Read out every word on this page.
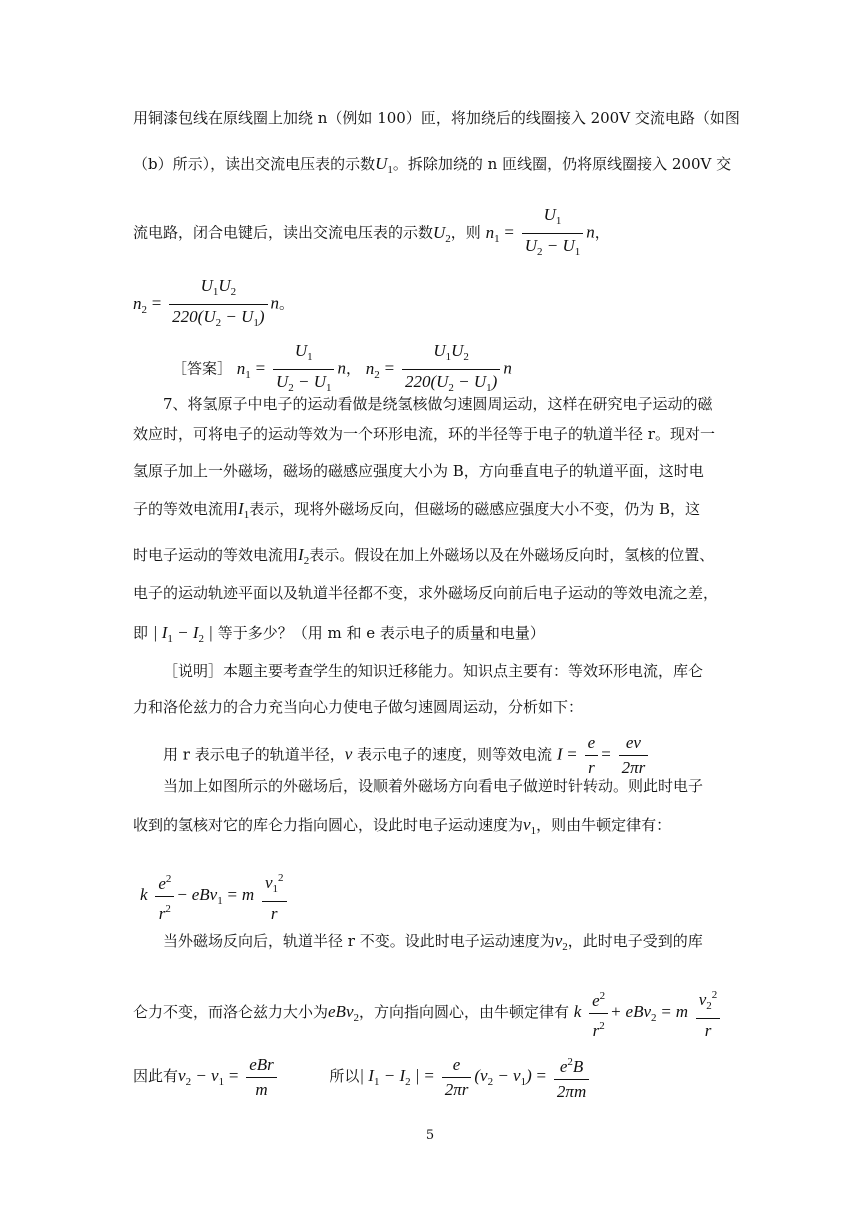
用铜漆包线在原线圈上加绕 n（例如 100）匝，将加绕后的线圈接入 200V 交流电路（如图
（b）所示），读出交流电压表的示数$U_1$。拆除加绕的 n 匝线圈，仍将原线圈接入 200V 交
流电路，闭合电键后，读出交流电压表的示数$U_2$，则 $n_1 = \frac{U_1}{U_2 - U_1}$ n，
$n_2 = \frac{U_1U_2}{220(U_2 - U_1)}$ n。
［答案］ $n_1 = \frac{U_1}{U_2 - U_1}$ n， $n_2 = \frac{U_1U_2}{220(U_2 - U_1)}$ n
7、将氢原子中电子的运动看做是绕氢核做匀速圆周运动，这样在研究电子运动的磁
效应时，可将电子的运动等效为一个环形电流，环的半径等于电子的轨道半径 r。现对一
氢原子加上一外磁场，磁场的磁感应强度大小为 B，方向垂直电子的轨道平面，这时电
子的等效电流用$I_1$表示，现将外磁场反向，但磁场的磁感应强度大小不变，仍为 B，这
时电子运动的等效电流用$I_2$表示。假设在加上外磁场以及在外磁场反向时，氢核的位置、
电子的运动轨迹平面以及轨道半径都不变，求外磁场反向前后电子运动的等效电流之差，
即 | $I_1 - I_2$ | 等于多少？（用 m 和 e 表示电子的质量和电量）
［说明］本题主要考查学生的知识迁移能力。知识点主要有：等效环形电流，库仑
力和洛伦兹力的合力充当向心力使电子做匀速圆周运动，分析如下：
用 r 表示电子的轨道半径，v 表示电子的速度，则等效电流 $I = \frac{e}{r} = \frac{ev}{2\pi r}$
当加上如图所示的外磁场后，设顺着外磁场方向看电子做逆时针转动。则此时电子
收到的氢核对它的库仑力指向圆心，设此时电子运动速度为$v_1$，则由牛顿定律有：
k $\frac{e^2}{r^2} - eBv_1 = m \frac{v_1^2}{r}$
当外磁场反向后，轨道半径 r 不变。设此时电子运动速度为$v_2$，此时电子受到的库
仑力不变，而洛仑兹力大小为eBv$_2$，方向指向圆心，由牛顿定律有 k $\frac{e^2}{r^2} + eBv_2 = m \frac{v_2^2}{r}$
因此有$v_2 - v_1 = \frac{\text{eBr}}{m}$	所以| $I_1 - I_2$ | = $\frac{e}{2\pi r} (v_2 - v_1) = \frac{e^2B}{2\pi m}$
5
